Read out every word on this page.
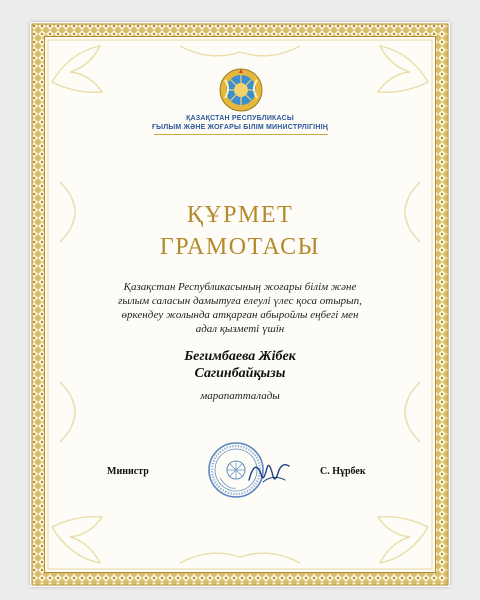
ҚАЗАҚСТАН РЕСПУБЛИКАСЫ
ҒЫЛЫМ ЖӘНЕ ЖОҒАРЫ БІЛІМ МИНИСТРЛІГІНІҢ
ҚҰРМЕТ
ГРАМОТАСЫ
Қазақстан Республикасының жоғары білім және
ғылым саласын дамытуға елеулі үлес қоса отырып,
өркендеу жолында атқарған абыройлы еңбегі мен
адал қызметі үшін
Бегимбаева Жібек
Сагинбайқызы
марапатталады
Министр	С. Нұрбек
